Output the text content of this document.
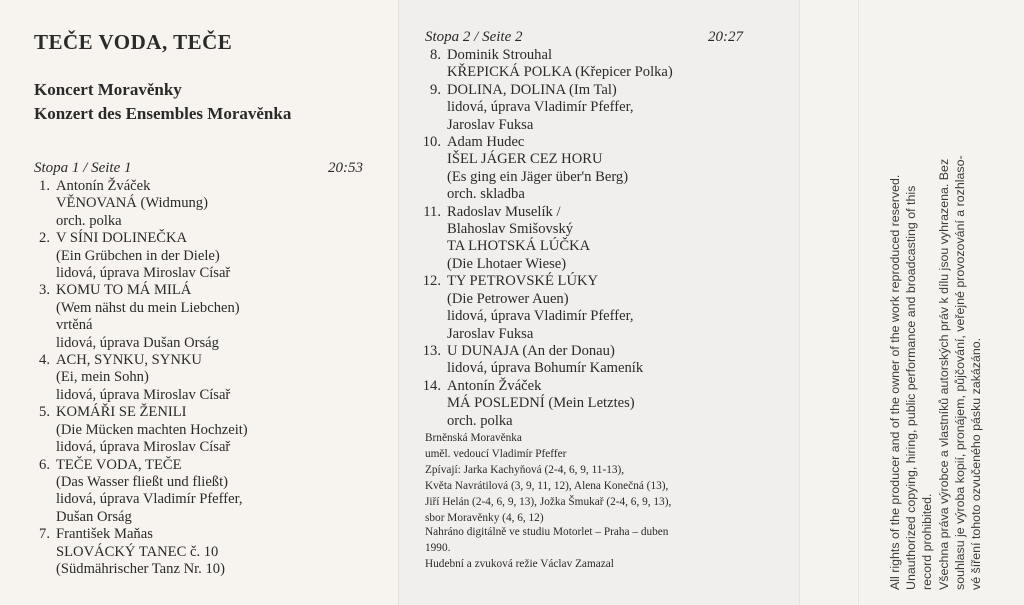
TEČE VODA, TEČE
Koncert Moravěnky
Konzert des Ensembles Moravěnka
Stopa 1 / Seite 1	20:53
1. Antonín Žváček
VĚNOVANÁ (Widmung)
orch. polka
2. V SÍNI DOLINEČKA
(Ein Grübchen in der Diele)
lidová, úprava Miroslav Císař
3. KOMU TO MÁ MILÁ
(Wem nähst du mein Liebchen)
vrtěná
lidová, úprava Dušan Orság
4. ACH, SYNKU, SYNKU
(Ei, mein Sohn)
lidová, úprava Miroslav Císař
5. KOMÁŘI SE ŽENILI
(Die Mücken machten Hochzeit)
lidová, úprava Miroslav Císař
6. TEČE VODA, TEČE
(Das Wasser fließt und fließt)
lidová, úprava Vladimír Pfeffer,
Dušan Orság
7. František Maňas
SLOVÁCKÝ TANEC č. 10
(Südmährischer Tanz Nr. 10)
Stopa 2 / Seite 2	20:27
8. Dominik Strouhal
KŘEPICKÁ POLKA (Křepicer Polka)
9. DOLINA, DOLINA (Im Tal)
lidová, úprava Vladimír Pfeffer,
Jaroslav Fuksa
10. Adam Hudec
IŠEL JÁGER CEZ HORU
(Es ging ein Jäger über'n Berg)
orch. skladba
11. Radoslav Muselík /
Blahoslav Smišovský
TA LHOTSKÁ LÚČKA
(Die Lhotaer Wiese)
12. TY PETROVSKÉ LÚKY
(Die Petrower Auen)
lidová, úprava Vladimír Pfeffer,
Jaroslav Fuksa
13. U DUNAJA (An der Donau)
lidová, úprava Bohumír Kameník
14. Antonín Žváček
MÁ POSLEDNÍ (Mein Letztes)
orch. polka
Brněnská Moravěnka
uměl. vedoucí Vladimír Pfeffer
Zpívají: Jarka Kachyňová (2-4, 6, 9, 11-13),
Květa Navrátilová (3, 9, 11, 12), Alena Konečná (13),
Jiří Helán (2-4, 6, 9, 13), Jožka Šmukař (2-4, 6, 9, 13),
sbor Moravěnky (4, 6, 12)
Nahráno digitálně ve studiu Motorlet – Praha – duben
1990.
Hudební a zvuková režie Václav Zamazal	All rights of the producer and of the owner of the work reproduced reserved. Unauthorized copying, hiring, public performance and broadcasting of this record prohibited. Všechna práva výrobce a vlastníků autorských práv k dílu jsou vyhrazena. Bez souhlasu je výroba kopií, pronájem, půjčování, veřejné provozování a rozhlaso- vé šíření tohoto ozvučeného pásku zakázáno.
